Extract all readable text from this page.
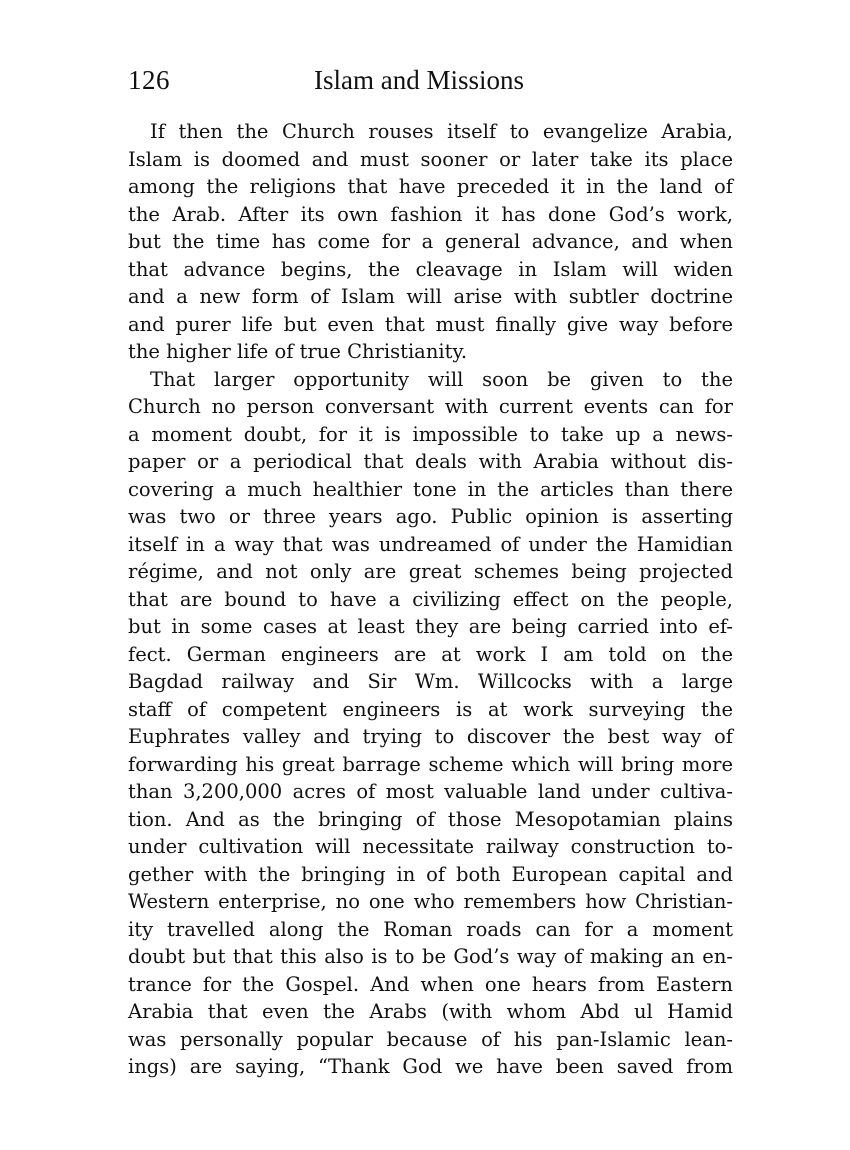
126	Islam and Missions
If then the Church rouses itself to evangelize Arabia,
Islam is doomed and must sooner or later take its place
among the religions that have preceded it in the land of
the Arab. After its own fashion it has done God’s work,
but the time has come for a general advance, and when
that advance begins, the cleavage in Islam will widen
and a new form of Islam will arise with subtler doctrine
and purer life but even that must finally give way before
the higher life of true Christianity.
That larger opportunity will soon be given to the
Church no person conversant with current events can for
a moment doubt, for it is impossible to take up a news-
paper or a periodical that deals with Arabia without dis-
covering a much healthier tone in the articles than there
was two or three years ago. Public opinion is asserting
itself in a way that was undreamed of under the Hamidian
régime, and not only are great schemes being projected
that are bound to have a civilizing effect on the people,
but in some cases at least they are being carried into ef-
fect. German engineers are at work I am told on the
Bagdad railway and Sir Wm. Willcocks with a large
staff of competent engineers is at work surveying the
Euphrates valley and trying to discover the best way of
forwarding his great barrage scheme which will bring more
than 3,200,000 acres of most valuable land under cultiva-
tion. And as the bringing of those Mesopotamian plains
under cultivation will necessitate railway construction to-
gether with the bringing in of both European capital and
Western enterprise, no one who remembers how Christian-
ity travelled along the Roman roads can for a moment
doubt but that this also is to be God’s way of making an en-
trance for the Gospel. And when one hears from Eastern
Arabia that even the Arabs (with whom Abd ul Hamid
was personally popular because of his pan-Islamic lean-
ings) are saying, “Thank God we have been saved from
